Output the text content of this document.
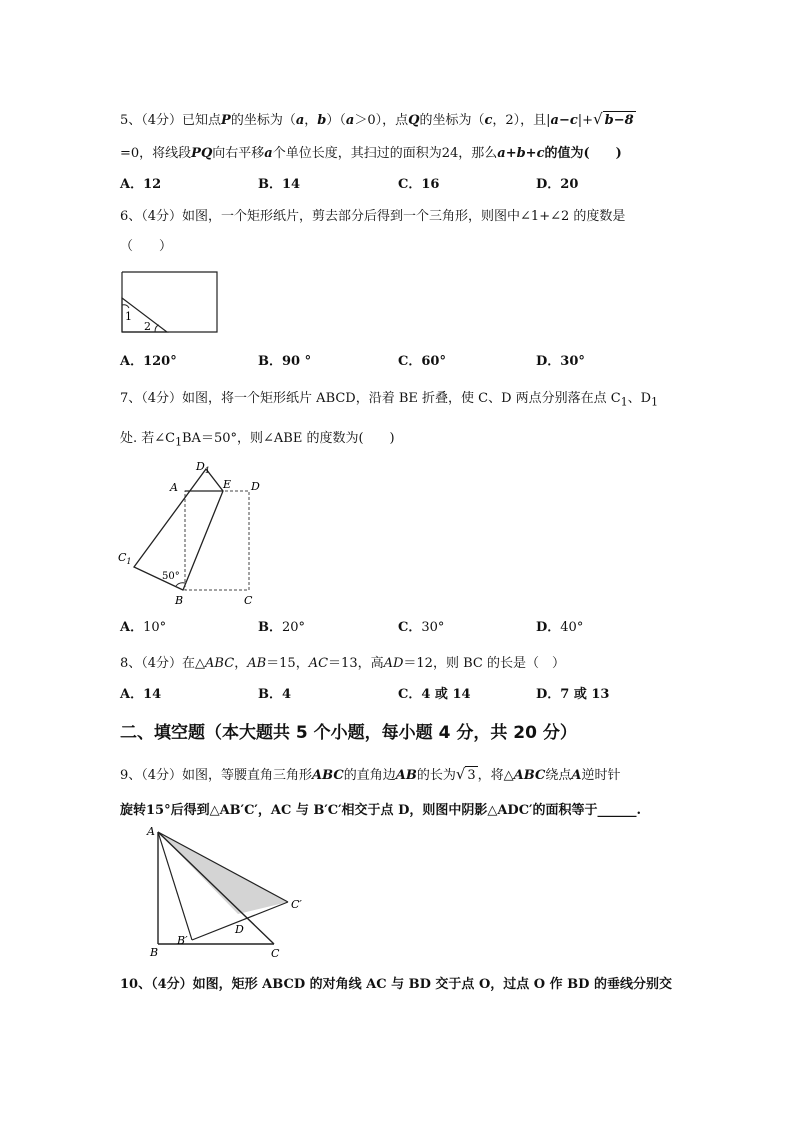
5、（4分）已知点P的坐标为（a，b）（a＞0），点Q的坐标为（c，2），且|a−c|+√ b−8
=0，将线段PQ向右平移a个单位长度，其扫过的面积为24，那么a+b+c的值为(　　)
A．12	B．14	C．16	D．20
6、（4分）如图，一个矩形纸片，剪去部分后得到一个三角形，则图中∠1+∠2 的度数是
（　　）
1
2
A．120°	B．90 °	C．60°	D．30°
7、（4分）如图，将一个矩形纸片 ABCD，沿着 BE 折叠，使 C、D 两点分别落在点 $C_1$、$D_1$
处. 若$\angle C_1BA=50^\circ$，则∠ABE 的度数为(　　)
$D_1$
A	E D
$C_1$
50°
B	C
A．10°	B．20°	C．30°	D．40°
8、（4分）在△ABC，AB＝15，AC＝13，高AD＝12，则 BC 的长是（　）
A．14	B．4	C．4 或 14	D．7 或 13
二、填空题（本大题共 5 个小题，每小题 4 分，共 20 分）
9、（4分）如图，等腰直角三角形ABC的直角边AB的长为√ 3 ，将△ABC绕点A逆时针
旋转15°后得到△AB′C′，AC 与 B′C′相交于点 D，则图中阴影△ADC′的面积等于______.
A
C′
D
B′
B	C
10、（4分）如图，矩形 ABCD 的对角线 AC 与 BD 交于点 O，过点 O 作 BD 的垂线分别交
